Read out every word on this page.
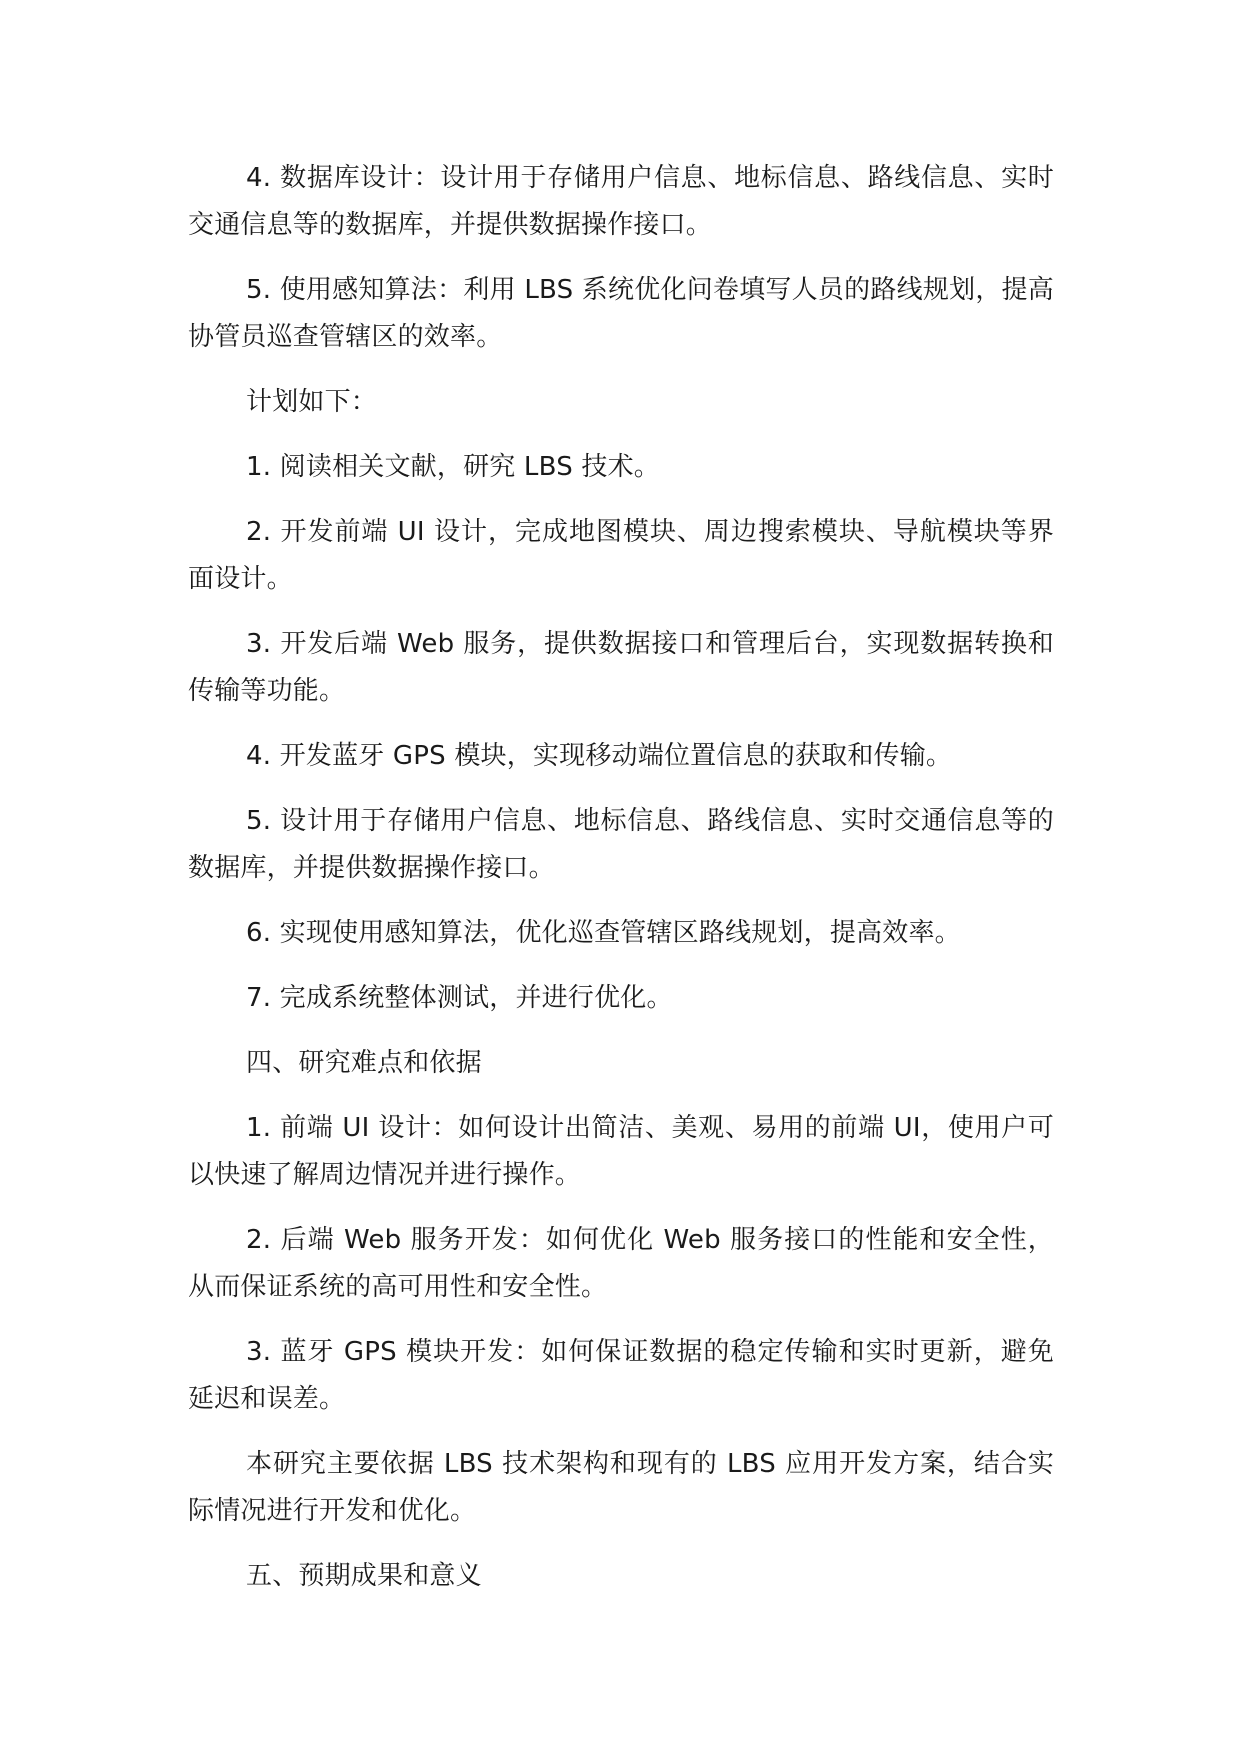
4. 数据库设计：设计用于存储用户信息、地标信息、路线信息、实时交通信息等的数据库，并提供数据操作接口。

5. 使用感知算法：利用 LBS 系统优化问卷填写人员的路线规划，提高协管员巡查管辖区的效率。

计划如下：

1. 阅读相关文献，研究 LBS 技术。

2. 开发前端 UI 设计，完成地图模块、周边搜索模块、导航模块等界面设计。

3. 开发后端 Web 服务，提供数据接口和管理后台，实现数据转换和传输等功能。

4. 开发蓝牙 GPS 模块，实现移动端位置信息的获取和传输。

5. 设计用于存储用户信息、地标信息、路线信息、实时交通信息等的数据库，并提供数据操作接口。

6. 实现使用感知算法，优化巡查管辖区路线规划，提高效率。

7. 完成系统整体测试，并进行优化。

四、研究难点和依据

1. 前端 UI 设计：如何设计出简洁、美观、易用的前端 UI，使用户可以快速了解周边情况并进行操作。

2. 后端 Web 服务开发：如何优化 Web 服务接口的性能和安全性，从而保证系统的高可用性和安全性。

3. 蓝牙 GPS 模块开发：如何保证数据的稳定传输和实时更新，避免延迟和误差。

本研究主要依据 LBS 技术架构和现有的 LBS 应用开发方案，结合实际情况进行开发和优化。

五、预期成果和意义
